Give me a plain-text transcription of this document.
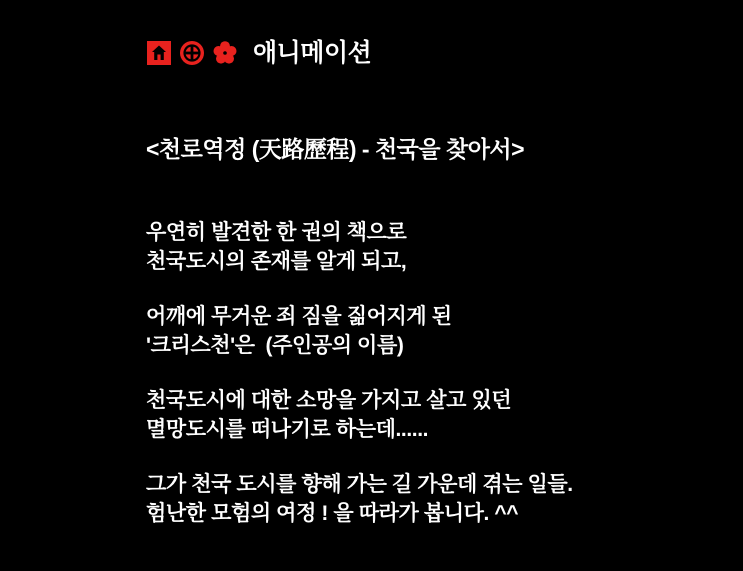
애니메이션
<천로역정 (天路歷程) - 천국을 찾아서>
우연히 발견한 한 권의 책으로
천국도시의 존재를 알게 되고,
어깨에 무거운 죄 짐을 짊어지게 된
'크리스천'은  (주인공의 이름)
천국도시에 대한 소망을 가지고 살고 있던
멸망도시를 떠나기로 하는데......
그가 천국 도시를 향해 가는 길 가운데 겪는 일들.
험난한 모험의 여정 ! 을 따라가 봅니다. ^^
